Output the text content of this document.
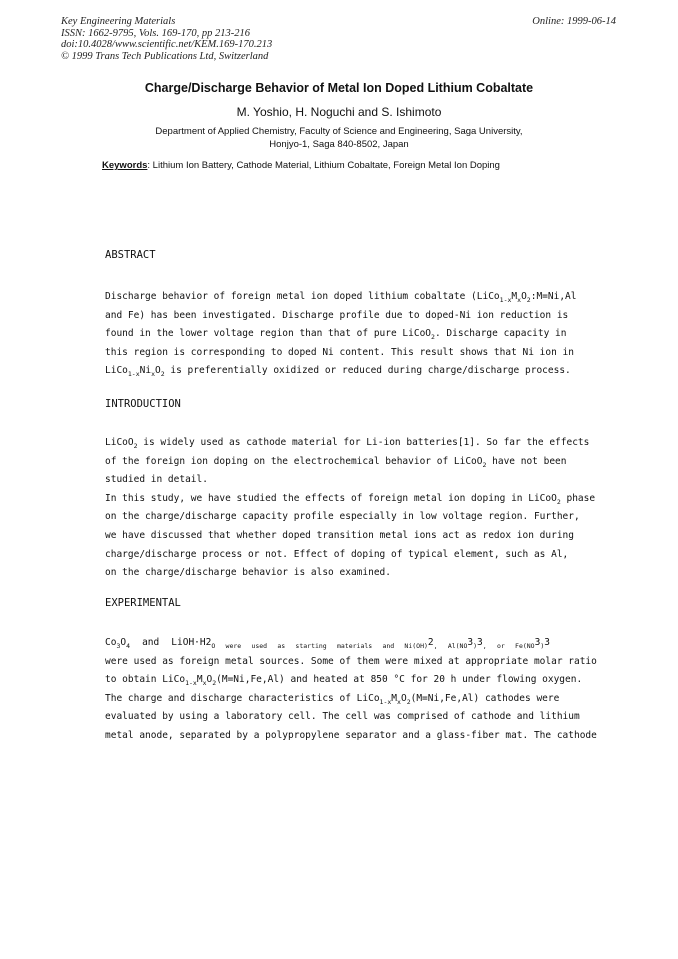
Key Engineering Materials
ISSN: 1662-9795, Vols. 169-170, pp 213-216
doi:10.4028/www.scientific.net/KEM.169-170.213
© 1999 Trans Tech Publications Ltd, Switzerland
Online: 1999-06-14
Charge/Discharge Behavior of Metal Ion Doped Lithium Cobaltate
M. Yoshio, H. Noguchi and S. Ishimoto
Department of Applied Chemistry, Faculty of Science and Engineering, Saga University,
Honjyo-1, Saga 840-8502, Japan
Keywords: Lithium Ion Battery, Cathode Material, Lithium Cobaltate, Foreign Metal Ion Doping
ABSTRACT
Discharge behavior of foreign metal ion doped lithium cobaltate ($LiCo_{1-x}M_xO_2:M=Ni,Al$
and Fe) has been investigated. Discharge profile due to doped-Ni ion reduction is
found in the lower voltage region than that of pure LiCoO$_2$. Discharge capacity in
this region is corresponding to doped Ni content. This result shows that Ni ion in
$LiCo_{1-x}Ni_xO_2$ is preferentially oxidized or reduced during charge/discharge process.
INTRODUCTION
LiCoO$_2$ is widely used as cathode material for Li-ion batteries[1]. So far the effects
of the foreign ion doping on the electrochemical behavior of LiCoO$_2$ have not been
studied in detail.
In this study, we have studied the effects of foreign metal ion doping in LiCoO$_2$ phase
on the charge/discharge capacity profile especially in low voltage region. Further,
we have discussed that whether doped transition metal ions act as redox ion during
charge/discharge process or not. Effect of doping of typical element, such as Al,
on the charge/discharge behavior is also examined.
EXPERIMENTAL
$Co_3O_4$ and $LiOH\cdot H2_{O were used as starting materials and Ni(OH)}2_{, Al(NO}3_)3_{, or Fe(NO}3_)3$
were used as foreign metal sources. Some of them were mixed at appropriate molar ratio
to obtain $LiCo_{1-x}M_xO_2(M=Ni,Fe,Al)$ and heated at 850 °C for 20 h under flowing oxygen.
The charge and discharge characteristics of $LiCo_{1-x}M_xO_2(M=Ni,Fe,Al)$ cathodes were
evaluated by using a laboratory cell. The cell was comprised of cathode and lithium
metal anode, separated by a polypropylene separator and a glass-fiber mat. The cathode
